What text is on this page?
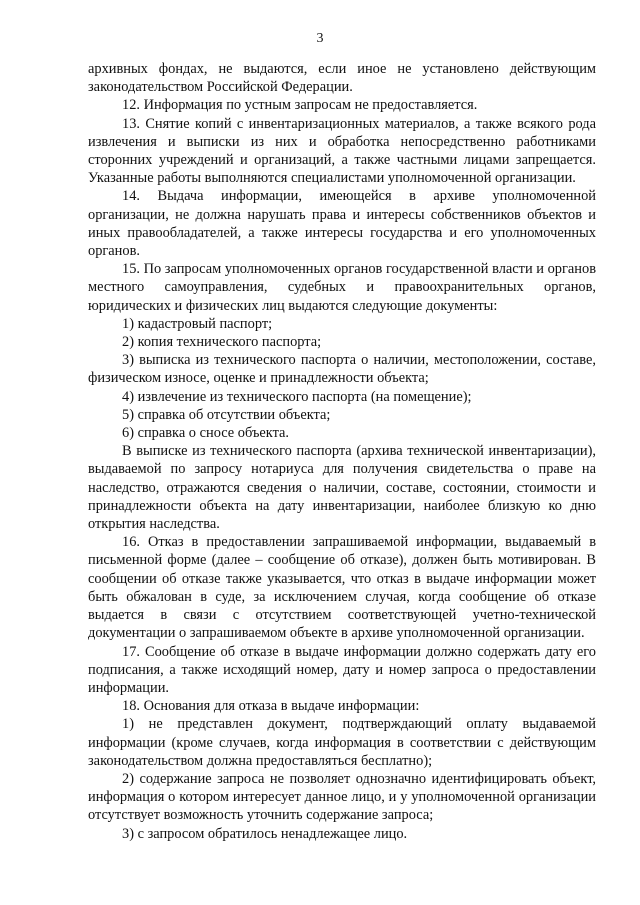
3

архивных фондах, не выдаются, если иное не установлено действующим законодательством Российской Федерации.

12. Информация по устным запросам не предоставляется.

13. Снятие копий с инвентаризационных материалов, а также всякого рода извлечения и выписки из них и обработка непосредственно работниками сторонних учреждений и организаций, а также частными лицами запрещается. Указанные работы выполняются специалистами уполномоченной организации.

14. Выдача информации, имеющейся в архиве уполномоченной организации, не должна нарушать права и интересы собственников объектов и иных правообладателей, а также интересы государства и его уполномоченных органов.

15. По запросам уполномоченных органов государственной власти и органов местного самоуправления, судебных и правоохранительных органов, юридических и физических лиц выдаются следующие документы:

1) кадастровый паспорт;

2) копия технического паспорта;

3) выписка из технического паспорта о наличии, местоположении, составе, физическом износе, оценке и принадлежности объекта;

4) извлечение из технического паспорта (на помещение);

5) справка об отсутствии объекта;

6) справка о сносе объекта.

В выписке из технического паспорта (архива технической инвентаризации), выдаваемой по запросу нотариуса для получения свидетельства о праве на наследство, отражаются сведения о наличии, составе, состоянии, стоимости и принадлежности объекта на дату инвентаризации, наиболее близкую ко дню открытия наследства.

16. Отказ в предоставлении запрашиваемой информации, выдаваемый в письменной форме (далее – сообщение об отказе), должен быть мотивирован. В сообщении об отказе также указывается, что отказ в выдаче информации может быть обжалован в суде, за исключением случая, когда сообщение об отказе выдается в связи с отсутствием соответствующей учетно-технической документации о запрашиваемом объекте в архиве уполномоченной организации.

17. Сообщение об отказе в выдаче информации должно содержать дату его подписания, а также исходящий номер, дату и номер запроса о предоставлении информации.

18. Основания для отказа в выдаче информации:

1) не представлен документ, подтверждающий оплату выдаваемой информации (кроме случаев, когда информация в соответствии с действующим законодательством должна предоставляться бесплатно);

2) содержание запроса не позволяет однозначно идентифицировать объект, информация о котором интересует данное лицо, и у уполномоченной организации отсутствует возможность уточнить содержание запроса;

3) с запросом обратилось ненадлежащее лицо.
